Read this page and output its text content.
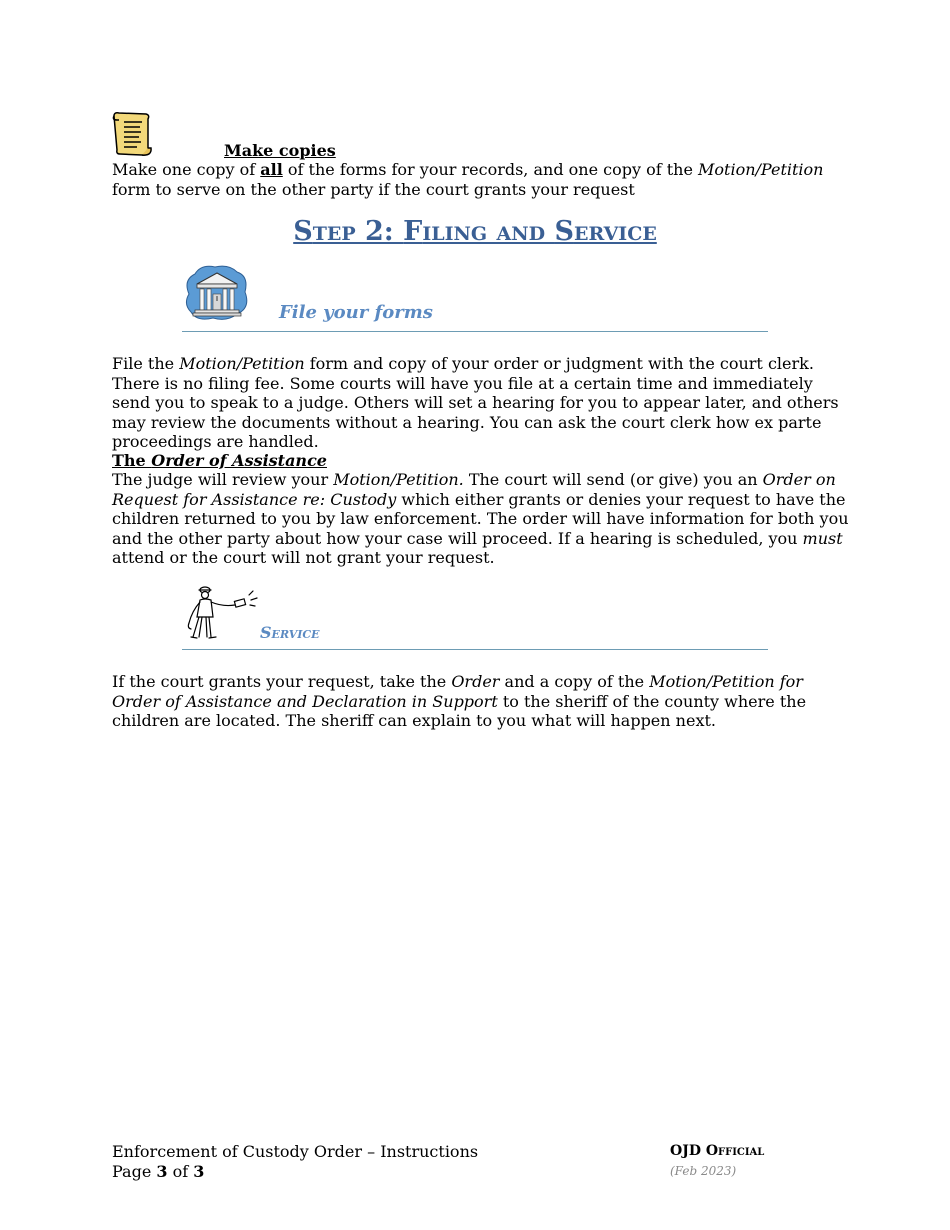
Make copies
Make one copy of all of the forms for your records, and one copy of the Motion/Petition form to serve on the other party if the court grants your request
Step 2: Filing and Service
File your forms
File the Motion/Petition form and copy of your order or judgment with the court clerk. There is no filing fee. Some courts will have you file at a certain time and immediately send you to speak to a judge. Others will set a hearing for you to appear later, and others may review the documents without a hearing. You can ask the court clerk how ex parte proceedings are handled.
The Order of Assistance
The judge will review your Motion/Petition. The court will send (or give) you an Order on Request for Assistance re: Custody which either grants or denies your request to have the children returned to you by law enforcement. The order will have information for both you and the other party about how your case will proceed. If a hearing is scheduled, you must attend or the court will not grant your request.
Service
If the court grants your request, take the Order and a copy of the Motion/Petition for Order of Assistance and Declaration in Support to the sheriff of the county where the children are located. The sheriff can explain to you what will happen next.
Enforcement of Custody Order – Instructions
Page 3 of 3
OJD Official
(Feb 2023)
